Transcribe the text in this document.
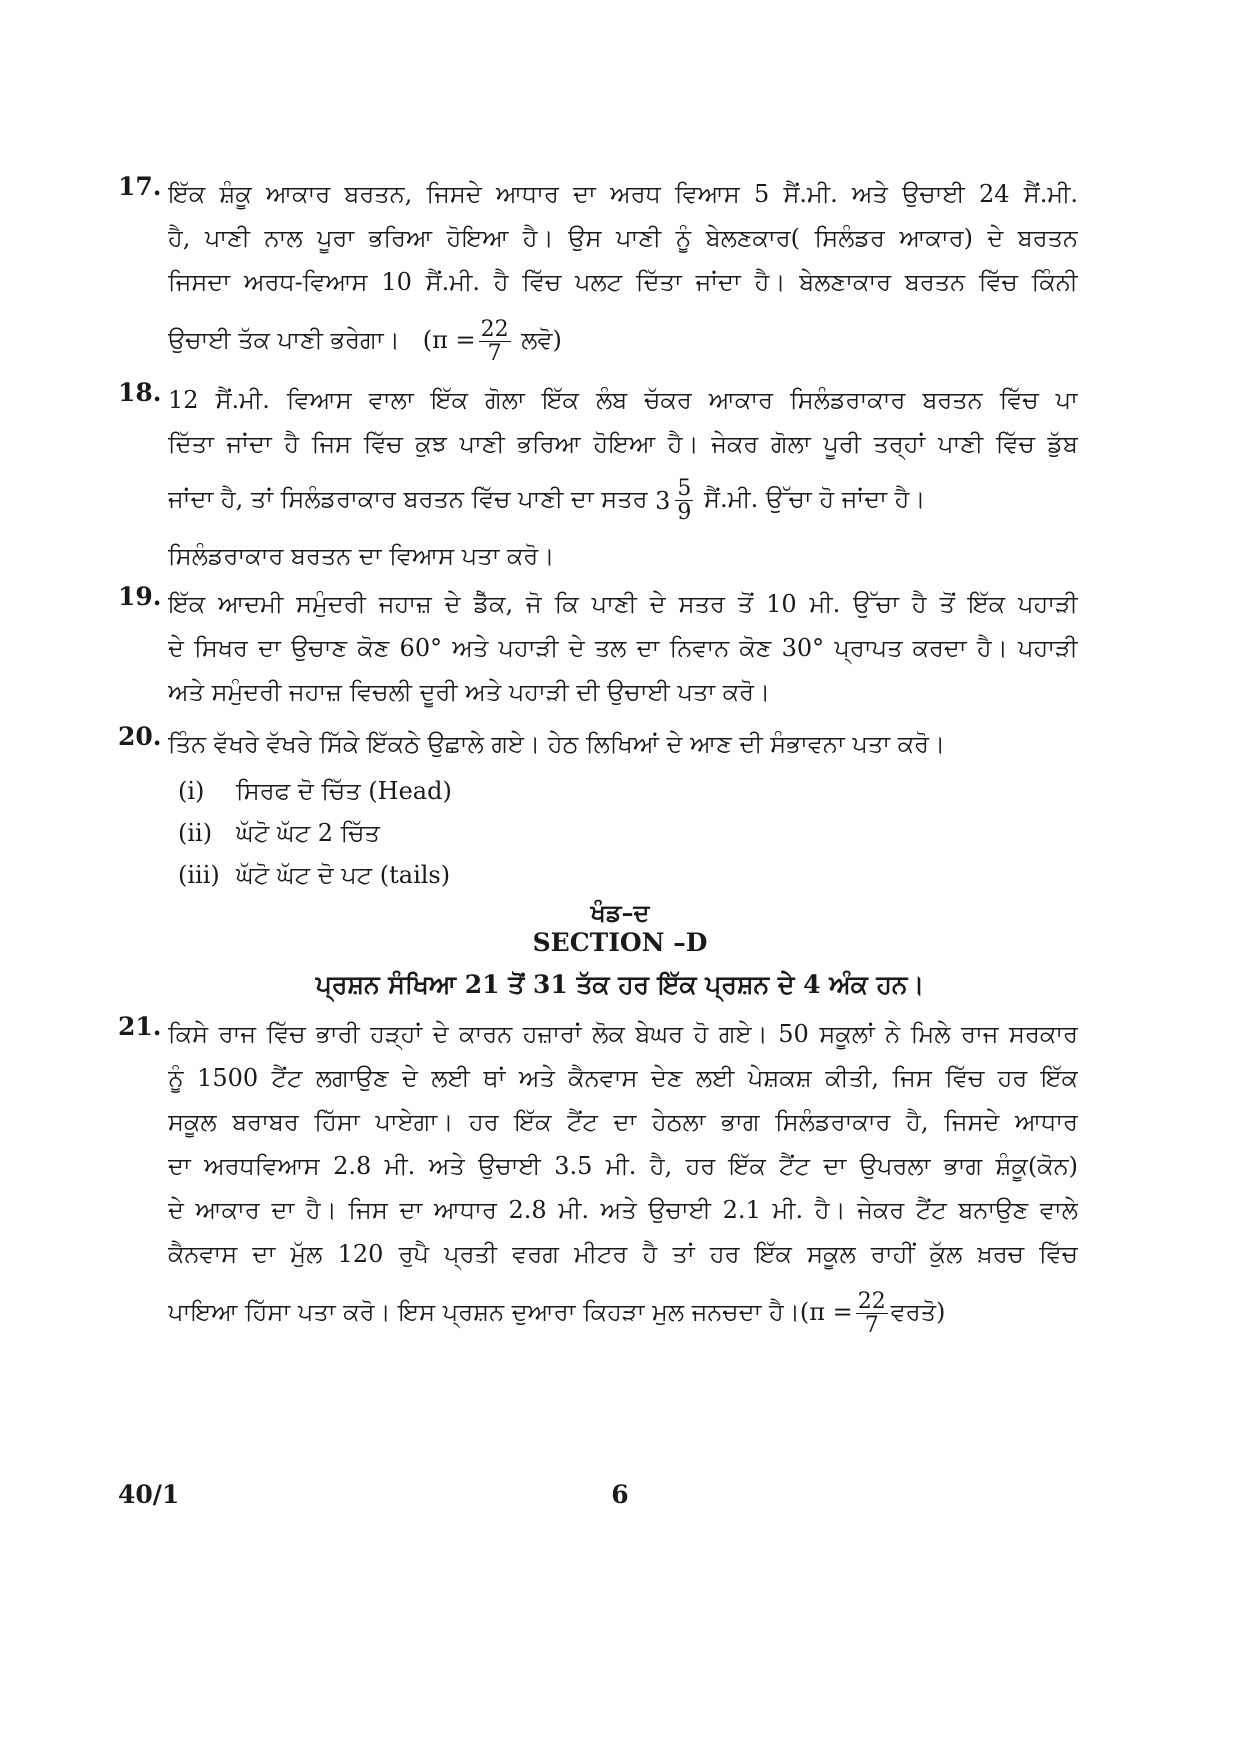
17. ਇੱਕ ਸ਼ੰਕੂ ਆਕਾਰ ਬਰਤਨ, ਜਿਸਦੇ ਆਧਾਰ ਦਾ ਅਰਧ ਵਿਆਸ 5 ਸੈਂ.ਮੀ. ਅਤੇ ਉਚਾਈ 24 ਸੈਂ.ਮੀ.
ਹੈ, ਪਾਣੀ ਨਾਲ ਪੂਰਾ ਭਰਿਆ ਹੋਇਆ ਹੈ। ਉਸ ਪਾਣੀ ਨੂੰ ਬੇਲਣਕਾਰ( ਸਿਲੰਡਰ ਆਕਾਰ) ਦੇ ਬਰਤਨ
ਜਿਸਦਾ ਅਰਧ-ਵਿਆਸ 10 ਸੈਂ.ਮੀ. ਹੈ ਵਿੱਚ ਪਲਟ ਦਿੱਤਾ ਜਾਂਦਾ ਹੈ। ਬੇਲਣਾਕਾਰ ਬਰਤਨ ਵਿੱਚ ਕਿੰਨੀ
ਉਚਾਈ ਤੱਕ ਪਾਣੀ ਭਰੇਗਾ। ($\pi = \frac{22}{7}$ ਲਵੋ)
18. 12 ਸੈਂ.ਮੀ. ਵਿਆਸ ਵਾਲਾ ਇੱਕ ਗੋਲਾ ਇੱਕ ਲੰਬ ਚੱਕਰ ਆਕਾਰ ਸਿਲੰਡਰਾਕਾਰ ਬਰਤਨ ਵਿੱਚ ਪਾ
ਦਿੱਤਾ ਜਾਂਦਾ ਹੈ ਜਿਸ ਵਿੱਚ ਕੁਝ ਪਾਣੀ ਭਰਿਆ ਹੋਇਆ ਹੈ। ਜੇਕਰ ਗੋਲਾ ਪੂਰੀ ਤਰ੍ਹਾਂ ਪਾਣੀ ਵਿੱਚ ਡੁੱਬ
ਜਾਂਦਾ ਹੈ, ਤਾਂ ਸਿਲੰਡਰਾਕਾਰ ਬਰਤਨ ਵਿੱਚ ਪਾਣੀ ਦਾ ਸਤਰ $3 \frac{5}{9}$ ਸੈਂ.ਮੀ. ਉੱਚਾ ਹੋ ਜਾਂਦਾ ਹੈ।
ਸਿਲੰਡਰਾਕਾਰ ਬਰਤਨ ਦਾ ਵਿਆਸ ਪਤਾ ਕਰੋ।
19. ਇੱਕ ਆਦਮੀ ਸਮੁੰਦਰੀ ਜਹਾਜ਼ ਦੇ ਡੈੱਕ, ਜੋ ਕਿ ਪਾਣੀ ਦੇ ਸਤਰ ਤੋਂ 10 ਮੀ. ਉੱਚਾ ਹੈ ਤੋਂ ਇੱਕ ਪਹਾੜੀ
ਦੇ ਸਿਖਰ ਦਾ ਉਚਾਣ ਕੋਣ 60° ਅਤੇ ਪਹਾੜੀ ਦੇ ਤਲ ਦਾ ਨਿਵਾਨ ਕੋਣ 30° ਪ੍ਰਾਪਤ ਕਰਦਾ ਹੈ। ਪਹਾੜੀ
ਅਤੇ ਸਮੁੰਦਰੀ ਜਹਾਜ਼ ਵਿਚਲੀ ਦੂਰੀ ਅਤੇ ਪਹਾੜੀ ਦੀ ਉਚਾਈ ਪਤਾ ਕਰੋ।
20. ਤਿੰਨ ਵੱਖਰੇ ਵੱਖਰੇ ਸਿੱਕੇ ਇੱਕਠੇ ਉਛਾਲੇ ਗਏ। ਹੇਠ ਲਿਖਿਆਂ ਦੇ ਆਣ ਦੀ ਸੰਭਾਵਨਾ ਪਤਾ ਕਰੋ।
(i) ਸਿਰਫ ਦੋ ਚਿੱਤ (Head)
(ii) ਘੱਟੋ ਘੱਟ 2 ਚਿੱਤ
(iii) ਘੱਟੋ ਘੱਟ ਦੋ ਪਟ (tails)
ਖੰਡ–ਦ
SECTION –D
ਪ੍ਰਸ਼ਨ ਸੰਖਿਆ 21 ਤੋਂ 31 ਤੱਕ ਹਰ ਇੱਕ ਪ੍ਰਸ਼ਨ ਦੇ 4 ਅੰਕ ਹਨ।
21. ਕਿਸੇ ਰਾਜ ਵਿੱਚ ਭਾਰੀ ਹੜ੍ਹਾਂ ਦੇ ਕਾਰਨ ਹਜ਼ਾਰਾਂ ਲੋਕ ਬੇਘਰ ਹੋ ਗਏ। 50 ਸਕੂਲਾਂ ਨੇ ਮਿਲੇ ਰਾਜ ਸਰਕਾਰ
ਨੂੰ 1500 ਟੈਂਟ ਲਗਾਉਣ ਦੇ ਲਈ ਥਾਂ ਅਤੇ ਕੈਨਵਾਸ ਦੇਣ ਲਈ ਪੇਸ਼ਕਸ਼ ਕੀਤੀ, ਜਿਸ ਵਿੱਚ ਹਰ ਇੱਕ
ਸਕੂਲ ਬਰਾਬਰ ਹਿੱਸਾ ਪਾਏਗਾ। ਹਰ ਇੱਕ ਟੈਂਟ ਦਾ ਹੇਠਲਾ ਭਾਗ ਸਿਲੰਡਰਾਕਾਰ ਹੈ, ਜਿਸਦੇ ਆਧਾਰ
ਦਾ ਅਰਧਵਿਆਸ 2.8 ਮੀ. ਅਤੇ ਉਚਾਈ 3.5 ਮੀ. ਹੈ, ਹਰ ਇੱਕ ਟੈਂਟ ਦਾ ਉਪਰਲਾ ਭਾਗ ਸ਼ੰਕੂ(ਕੋਨ)
ਦੇ ਆਕਾਰ ਦਾ ਹੈ। ਜਿਸ ਦਾ ਆਧਾਰ 2.8 ਮੀ. ਅਤੇ ਉਚਾਈ 2.1 ਮੀ. ਹੈ। ਜੇਕਰ ਟੈਂਟ ਬਨਾਉਣ ਵਾਲੇ
ਕੈਨਵਾਸ ਦਾ ਮੁੱਲ 120 ਰੁਪੈ ਪ੍ਰਤੀ ਵਰਗ ਮੀਟਰ ਹੈ ਤਾਂ ਹਰ ਇੱਕ ਸਕੂਲ ਰਾਹੀਂ ਕੁੱਲ ਖ਼ਰਚ ਵਿੱਚ
ਪਾਇਆ ਹਿੱਸਾ ਪਤਾ ਕਰੋ। ਇਸ ਪ੍ਰਸ਼ਨ ਦੁਆਰਾ ਕਿਹੜਾ ਮੁਲ ਜਨਚਦਾ ਹੈ।(π = $\frac{22}{7}$ ਵਰਤੋ)
40/1	6
